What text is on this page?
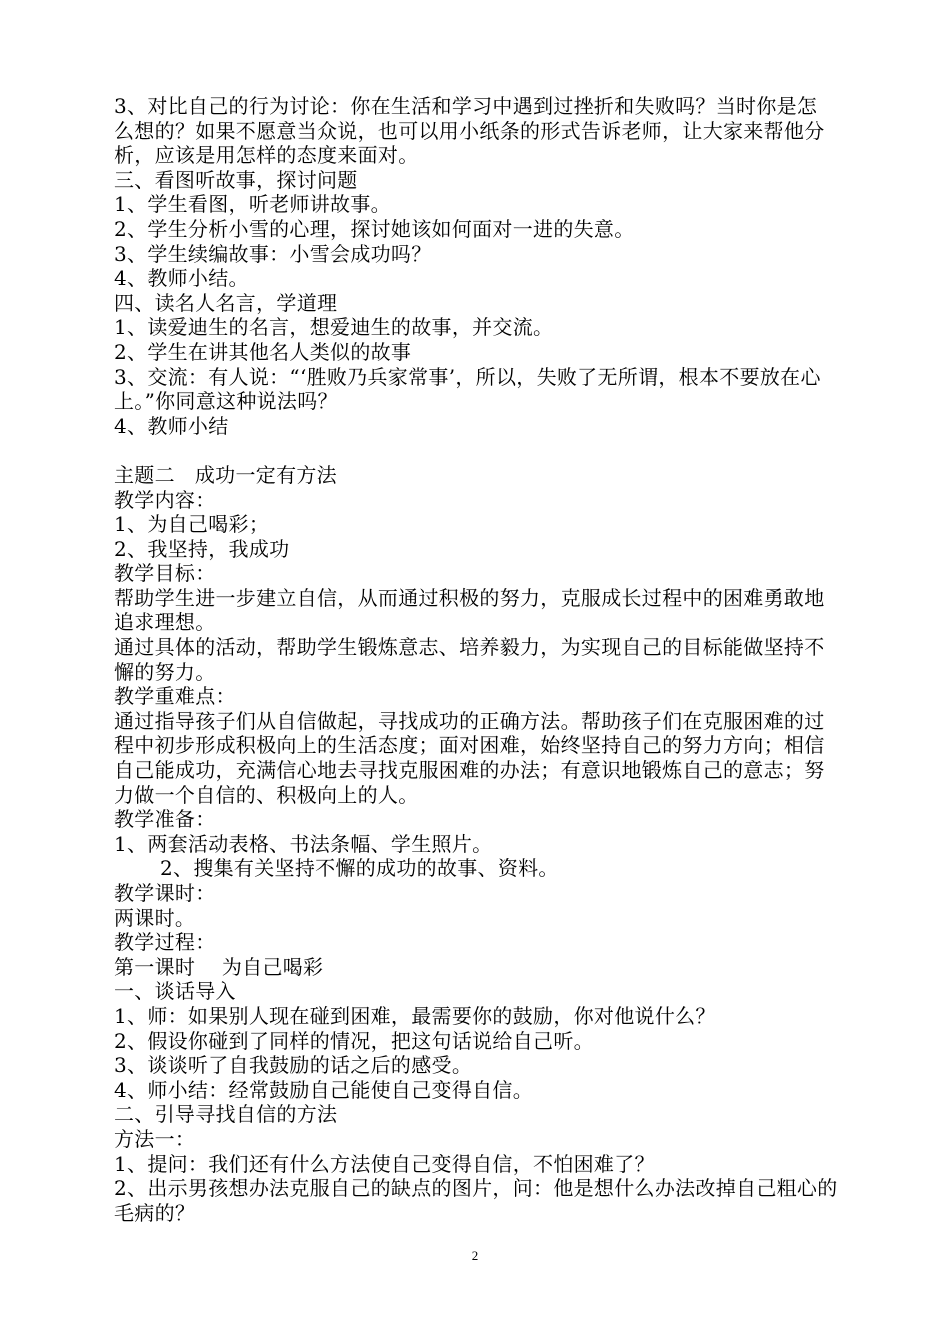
3、对比自己的行为讨论：你在生活和学习中遇到过挫折和失败吗？当时你是怎
么想的？如果不愿意当众说，也可以用小纸条的形式告诉老师，让大家来帮他分
析，应该是用怎样的态度来面对。
三、看图听故事，探讨问题
1、学生看图，听老师讲故事。
2、学生分析小雪的心理，探讨她该如何面对一进的失意。
3、学生续编故事：小雪会成功吗？
4、教师小结。
四、读名人名言，学道理
1、读爱迪生的名言，想爱迪生的故事，并交流。
2、学生在讲其他名人类似的故事
3、交流：有人说：“‘胜败乃兵家常事’，所以，失败了无所谓，根本不要放在心
上。”你同意这种说法吗？
4、教师小结
主题二   成功一定有方法
教学内容：
1、为自己喝彩；
2、我坚持，我成功
教学目标：
帮助学生进一步建立自信，从而通过积极的努力，克服成长过程中的困难勇敢地
追求理想。
通过具体的活动，帮助学生锻炼意志、培养毅力，为实现自己的目标能做坚持不
懈的努力。
教学重难点：
通过指导孩子们从自信做起，寻找成功的正确方法。帮助孩子们在克服困难的过
程中初步形成积极向上的生活态度；面对困难，始终坚持自己的努力方向；相信
自己能成功，充满信心地去寻找克服困难的办法；有意识地锻炼自己的意志；努
力做一个自信的、积极向上的人。
教学准备：
1、两套活动表格、书法条幅、学生照片。
2、搜集有关坚持不懈的成功的故事、资料。
教学课时：
两课时。
教学过程：
第一课时    为自己喝彩
一、谈话导入
1、师：如果别人现在碰到困难，最需要你的鼓励，你对他说什么？
2、假设你碰到了同样的情况，把这句话说给自己听。
3、谈谈听了自我鼓励的话之后的感受。
4、师小结：经常鼓励自己能使自己变得自信。
二、引导寻找自信的方法
方法一：
1、提问：我们还有什么方法使自己变得自信，不怕困难了？
2、出示男孩想办法克服自己的缺点的图片，问：他是想什么办法改掉自己粗心的
毛病的？
2
